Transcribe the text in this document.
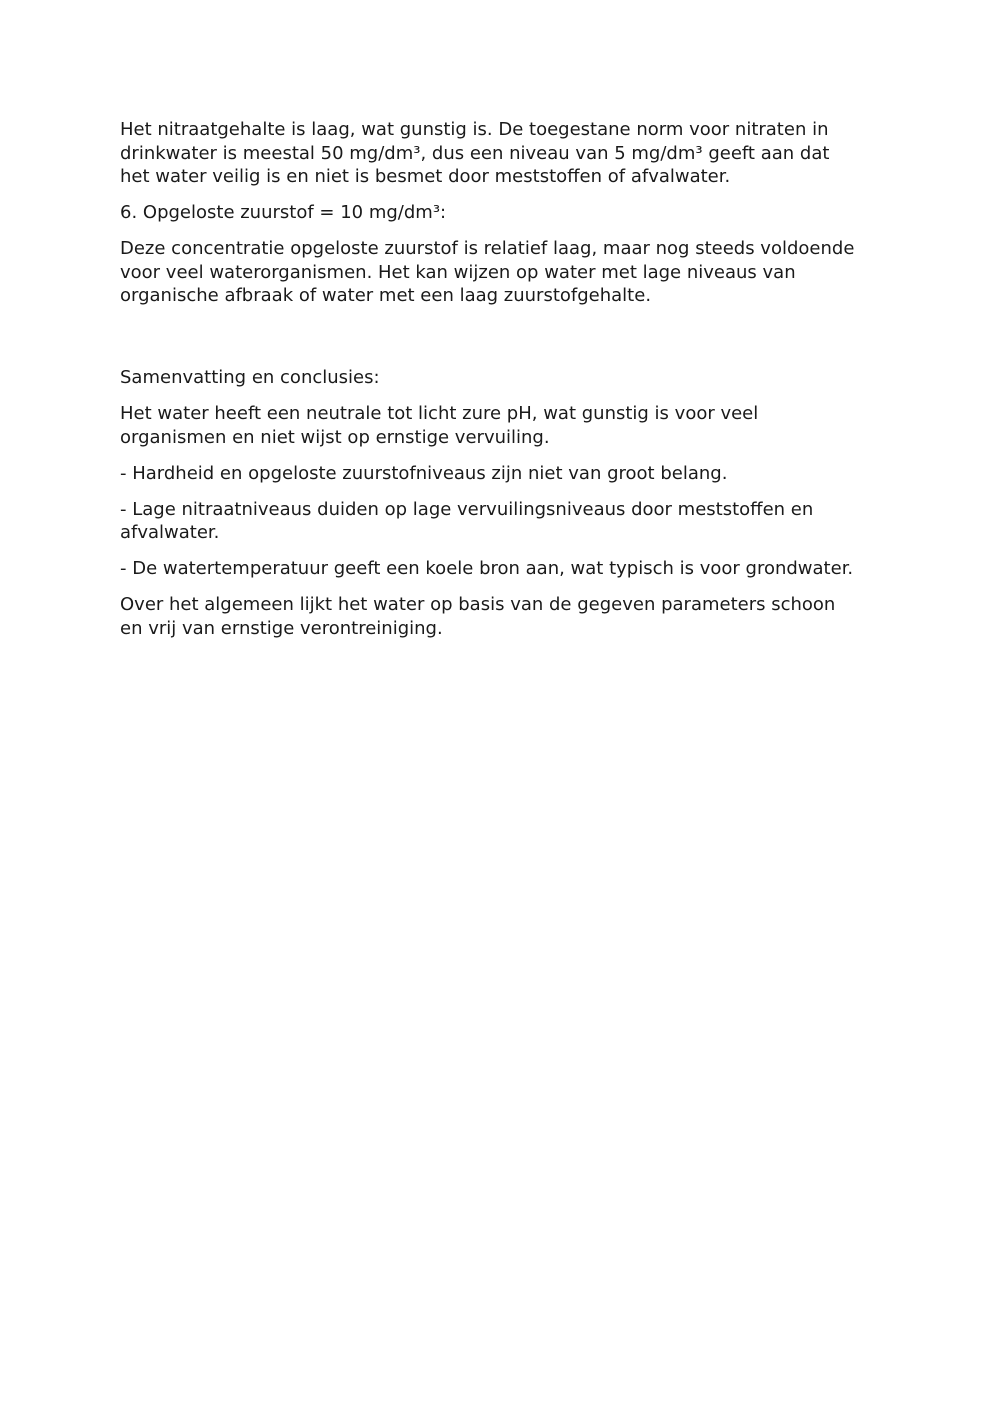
Het nitraatgehalte is laag, wat gunstig is. De toegestane norm voor nitraten in
drinkwater is meestal 50 mg/dm³, dus een niveau van 5 mg/dm³ geeft aan dat
het water veilig is en niet is besmet door meststoffen of afvalwater.

6. Opgeloste zuurstof = 10 mg/dm³:

Deze concentratie opgeloste zuurstof is relatief laag, maar nog steeds voldoende
voor veel waterorganismen. Het kan wijzen op water met lage niveaus van
organische afbraak of water met een laag zuurstofgehalte.

Samenvatting en conclusies:

Het water heeft een neutrale tot licht zure pH, wat gunstig is voor veel
organismen en niet wijst op ernstige vervuiling.

- Hardheid en opgeloste zuurstofniveaus zijn niet van groot belang.

- Lage nitraatniveaus duiden op lage vervuilingsniveaus door meststoffen en
afvalwater.

- De watertemperatuur geeft een koele bron aan, wat typisch is voor grondwater.

Over het algemeen lijkt het water op basis van de gegeven parameters schoon
en vrij van ernstige verontreiniging.
